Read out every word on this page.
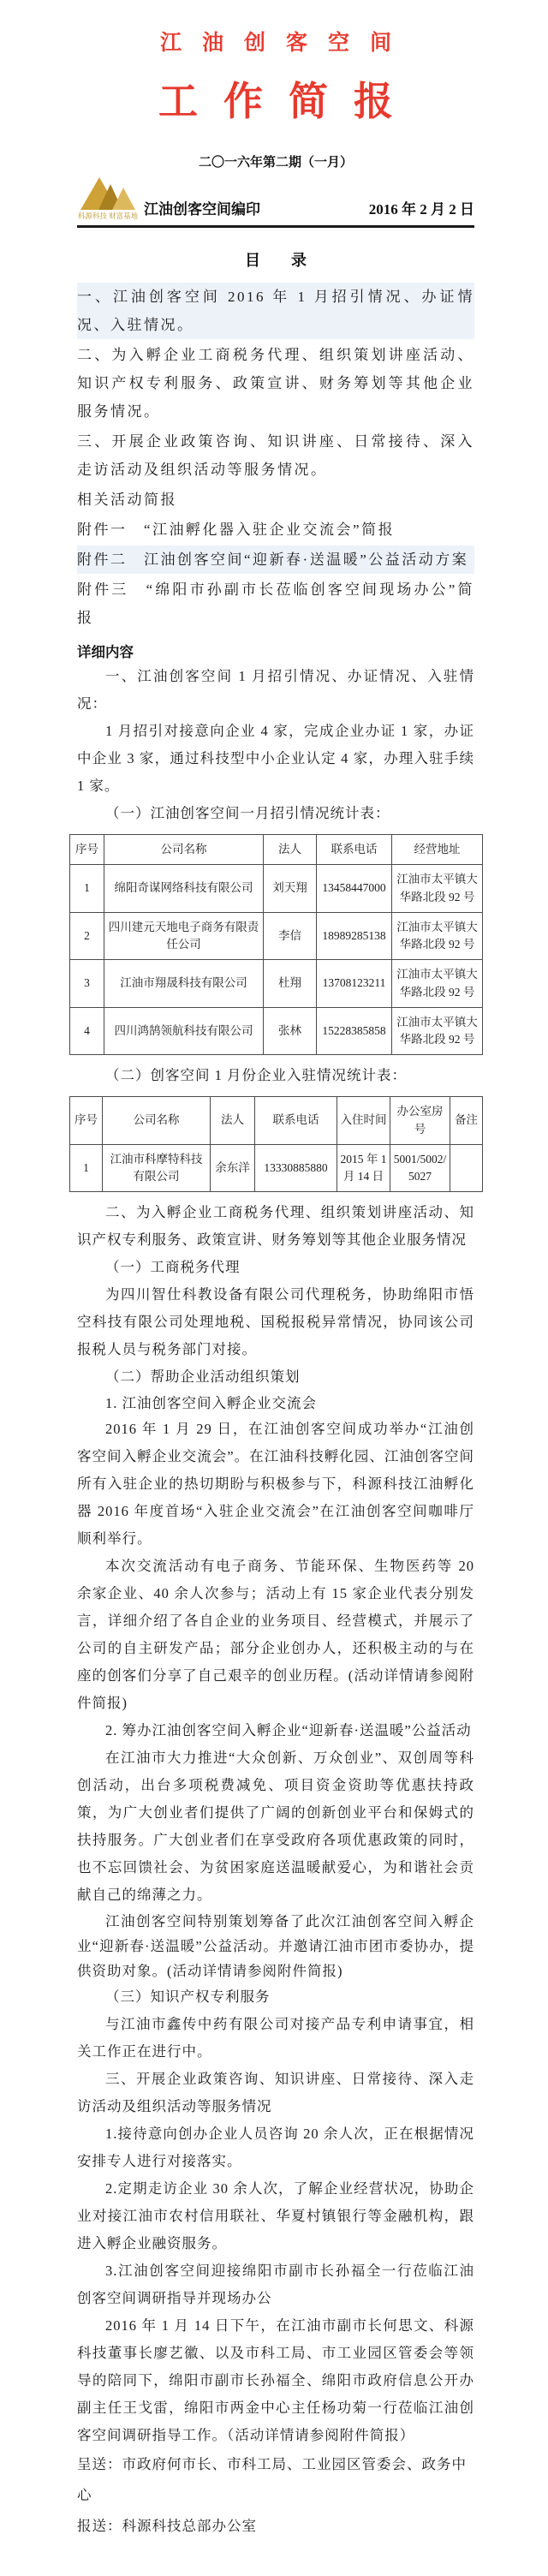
江油创客空间

工作简报

二〇一六年第二期（一月）

科源科技 财富基地 江油创客空间编印	2016 年 2 月 2 日

目　　录

一、江油创客空间 2016 年 1 月招引情况、办证情况、入驻情况。

二、为入孵企业工商税务代理、组织策划讲座活动、知识产权专利服务、政策宣讲、财务筹划等其他企业服务情况。

三、开展企业政策咨询、知识讲座、日常接待、深入走访活动及组织活动等服务情况。

相关活动简报

附件一　“江油孵化器入驻企业交流会”简报

附件二　江油创客空间“迎新春·送温暖”公益活动方案

附件三　“绵阳市孙副市长莅临创客空间现场办公”简报

详细内容

一、江油创客空间 1 月招引情况、办证情况、入驻情况：

1 月招引对接意向企业 4 家，完成企业办证 1 家，办证中企业 3 家，通过科技型中小企业认定 4 家，办理入驻手续 1 家。

（一）江油创客空间一月招引情况统计表：

序号	公司名称	法人	联系电话	经营地址
1	绵阳奇谋网络科技有限公司	刘天翔	13458447000	江油市太平镇大华路北段 92 号
2	四川建元天地电子商务有限责任公司	李信	18989285138	江油市太平镇大华路北段 92 号
3	江油市翔晟科技有限公司	杜翔	13708123211	江油市太平镇大华路北段 92 号
4	四川鸿鹄领航科技有限公司	张林	15228385858	江油市太平镇大华路北段 92 号

（二）创客空间 1 月份企业入驻情况统计表：

序号	公司名称	法人	联系电话	入住时间	办公室房号	备注
1	江油市科摩特科技有限公司	余东洋	13330885880	2015 年 1 月 14 日	5001/5002/5027	

二、为入孵企业工商税务代理、组织策划讲座活动、知识产权专利服务、政策宣讲、财务筹划等其他企业服务情况

（一）工商税务代理

为四川智仕科教设备有限公司代理税务，协助绵阳市悟空科技有限公司处理地税、国税报税异常情况，协同该公司报税人员与税务部门对接。

（二）帮助企业活动组织策划

1. 江油创客空间入孵企业交流会

2016 年 1 月 29 日，在江油创客空间成功举办“江油创客空间入孵企业交流会”。在江油科技孵化园、江油创客空间所有入驻企业的热切期盼与积极参与下，科源科技江油孵化器 2016 年度首场“入驻企业交流会”在江油创客空间咖啡厅顺利举行。

本次交流活动有电子商务、节能环保、生物医药等 20 余家企业、40 余人次参与；活动上有 15 家企业代表分别发言，详细介绍了各自企业的业务项目、经营模式，并展示了公司的自主研发产品；部分企业创办人，还积极主动的与在座的创客们分享了自己艰辛的创业历程。(活动详情请参阅附件简报)

2. 筹办江油创客空间入孵企业“迎新春·送温暖”公益活动

在江油市大力推进“大众创新、万众创业”、双创周等科创活动，出台多项税费减免、项目资金资助等优惠扶持政策，为广大创业者们提供了广阔的创新创业平台和保姆式的扶持服务。广大创业者们在享受政府各项优惠政策的同时，也不忘回馈社会、为贫困家庭送温暖献爱心，为和谐社会贡献自己的绵薄之力。

江油创客空间特别策划筹备了此次江油创客空间入孵企业“迎新春·送温暖”公益活动。并邀请江油市团市委协办，提供资助对象。(活动详情请参阅附件简报)

（三）知识产权专利服务

与江油市鑫传中药有限公司对接产品专利申请事宜，相关工作正在进行中。

三、开展企业政策咨询、知识讲座、日常接待、深入走访活动及组织活动等服务情况

1.接待意向创办企业人员咨询 20 余人次，正在根据情况安排专人进行对接落实。

2.定期走访企业 30 余人次，了解企业经营状况，协助企业对接江油市农村信用联社、华夏村镇银行等金融机构，跟进入孵企业融资服务。

3.江油创客空间迎接绵阳市副市长孙福全一行莅临江油创客空间调研指导并现场办公

2016 年 1 月 14 日下午，在江油市副市长何思文、科源科技董事长廖艺徽、以及市科工局、市工业园区管委会等领导的陪同下，绵阳市副市长孙福全、绵阳市政府信息公开办副主任王戈雷，绵阳市两金中心主任杨功菊一行莅临江油创客空间调研指导工作。（活动详情请参阅附件简报）

呈送：市政府何市长、市科工局、工业园区管委会、政务中心

报送：科源科技总部办公室
